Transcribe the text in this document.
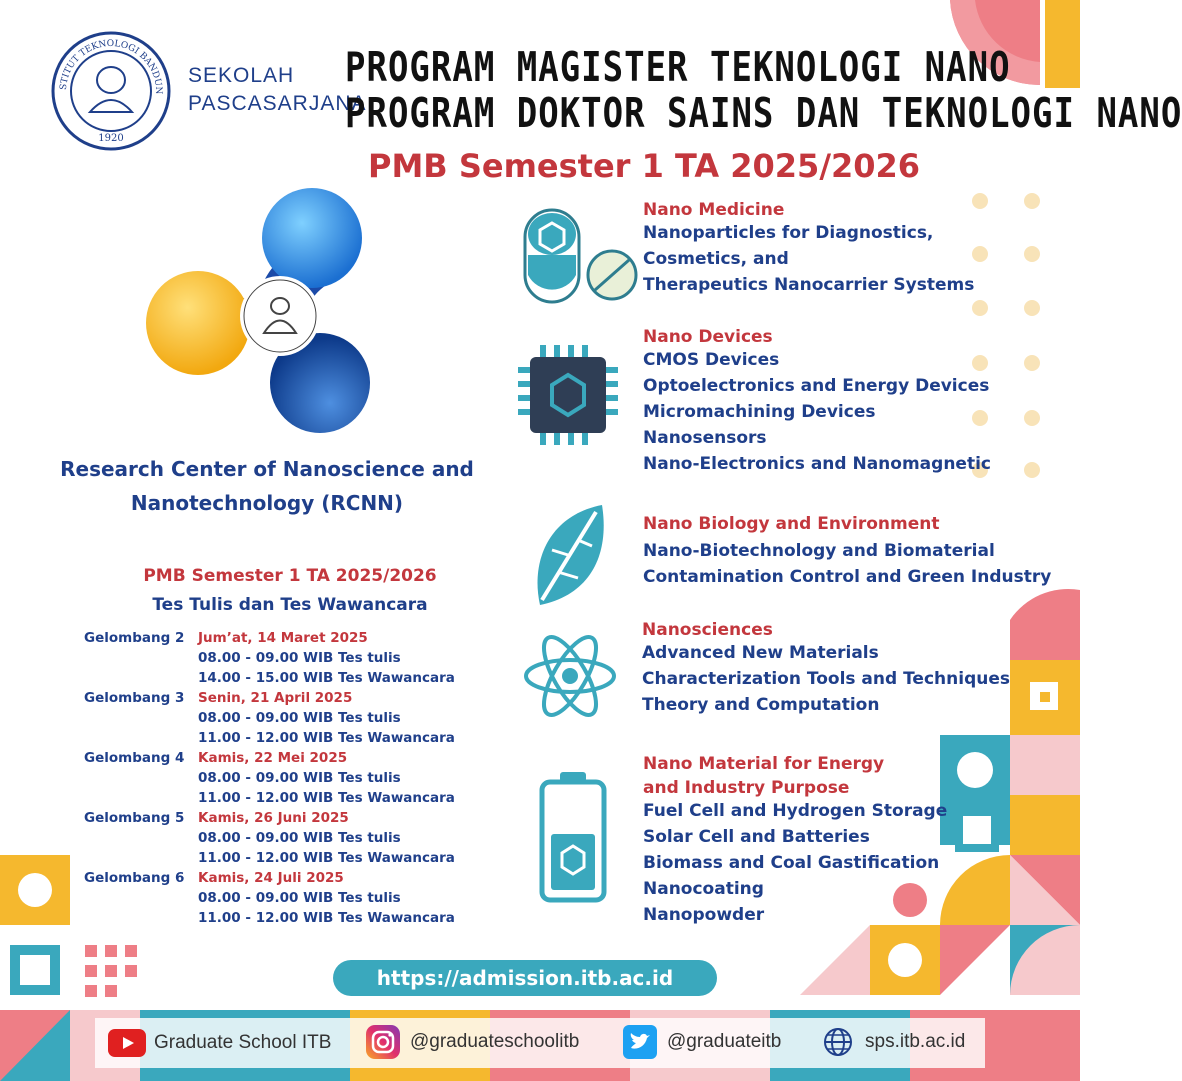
STITUT TEKNOLOGI BANDUN
1920
SEKOLAH
PASCASARJANA
PROGRAM MAGISTER TEKNOLOGI NANO
PROGRAM DOKTOR SAINS DAN TEKNOLOGI NANO
PMB Semester 1 TA 2025/2026
Research Center of Nanoscience and
Nanotechnology (RCNN)
PMB Semester 1 TA 2025/2026
Tes Tulis dan Tes Wawancara
Gelombang 2 Jum’at, 14 Maret 2025
08.00 - 09.00 WIB Tes tulis
14.00 - 15.00 WIB Tes Wawancara
Gelombang 3 Senin, 21 April 2025
08.00 - 09.00 WIB Tes tulis
11.00 - 12.00 WIB Tes Wawancara
Gelombang 4 Kamis, 22 Mei 2025
08.00 - 09.00 WIB Tes tulis
11.00 - 12.00 WIB Tes Wawancara
Gelombang 5 Kamis, 26 Juni 2025
08.00 - 09.00 WIB Tes tulis
11.00 - 12.00 WIB Tes Wawancara
Gelombang 6 Kamis, 24 Juli 2025
08.00 - 09.00 WIB Tes tulis
11.00 - 12.00 WIB Tes Wawancara
Nano Medicine
Nanoparticles for Diagnostics,
Cosmetics, and
Therapeutics Nanocarrier Systems
Nano Devices
CMOS Devices
Optoelectronics and Energy Devices
Micromachining Devices
Nanosensors
Nano-Electronics and Nanomagnetic
Nano Biology and Environment
Nano-Biotechnology and Biomaterial
Contamination Control and Green Industry
Nanosciences
Advanced New Materials
Characterization Tools and Techniques
Theory and Computation
Nano Material for Energy
and Industry Purpose
Fuel Cell and Hydrogen Storage
Solar Cell and Batteries
Biomass and Coal Gastification
Nanocoating
Nanopowder
https://admission.itb.ac.id
Graduate School ITB	@graduateschoolitb	@graduateitb	sps.itb.ac.id
